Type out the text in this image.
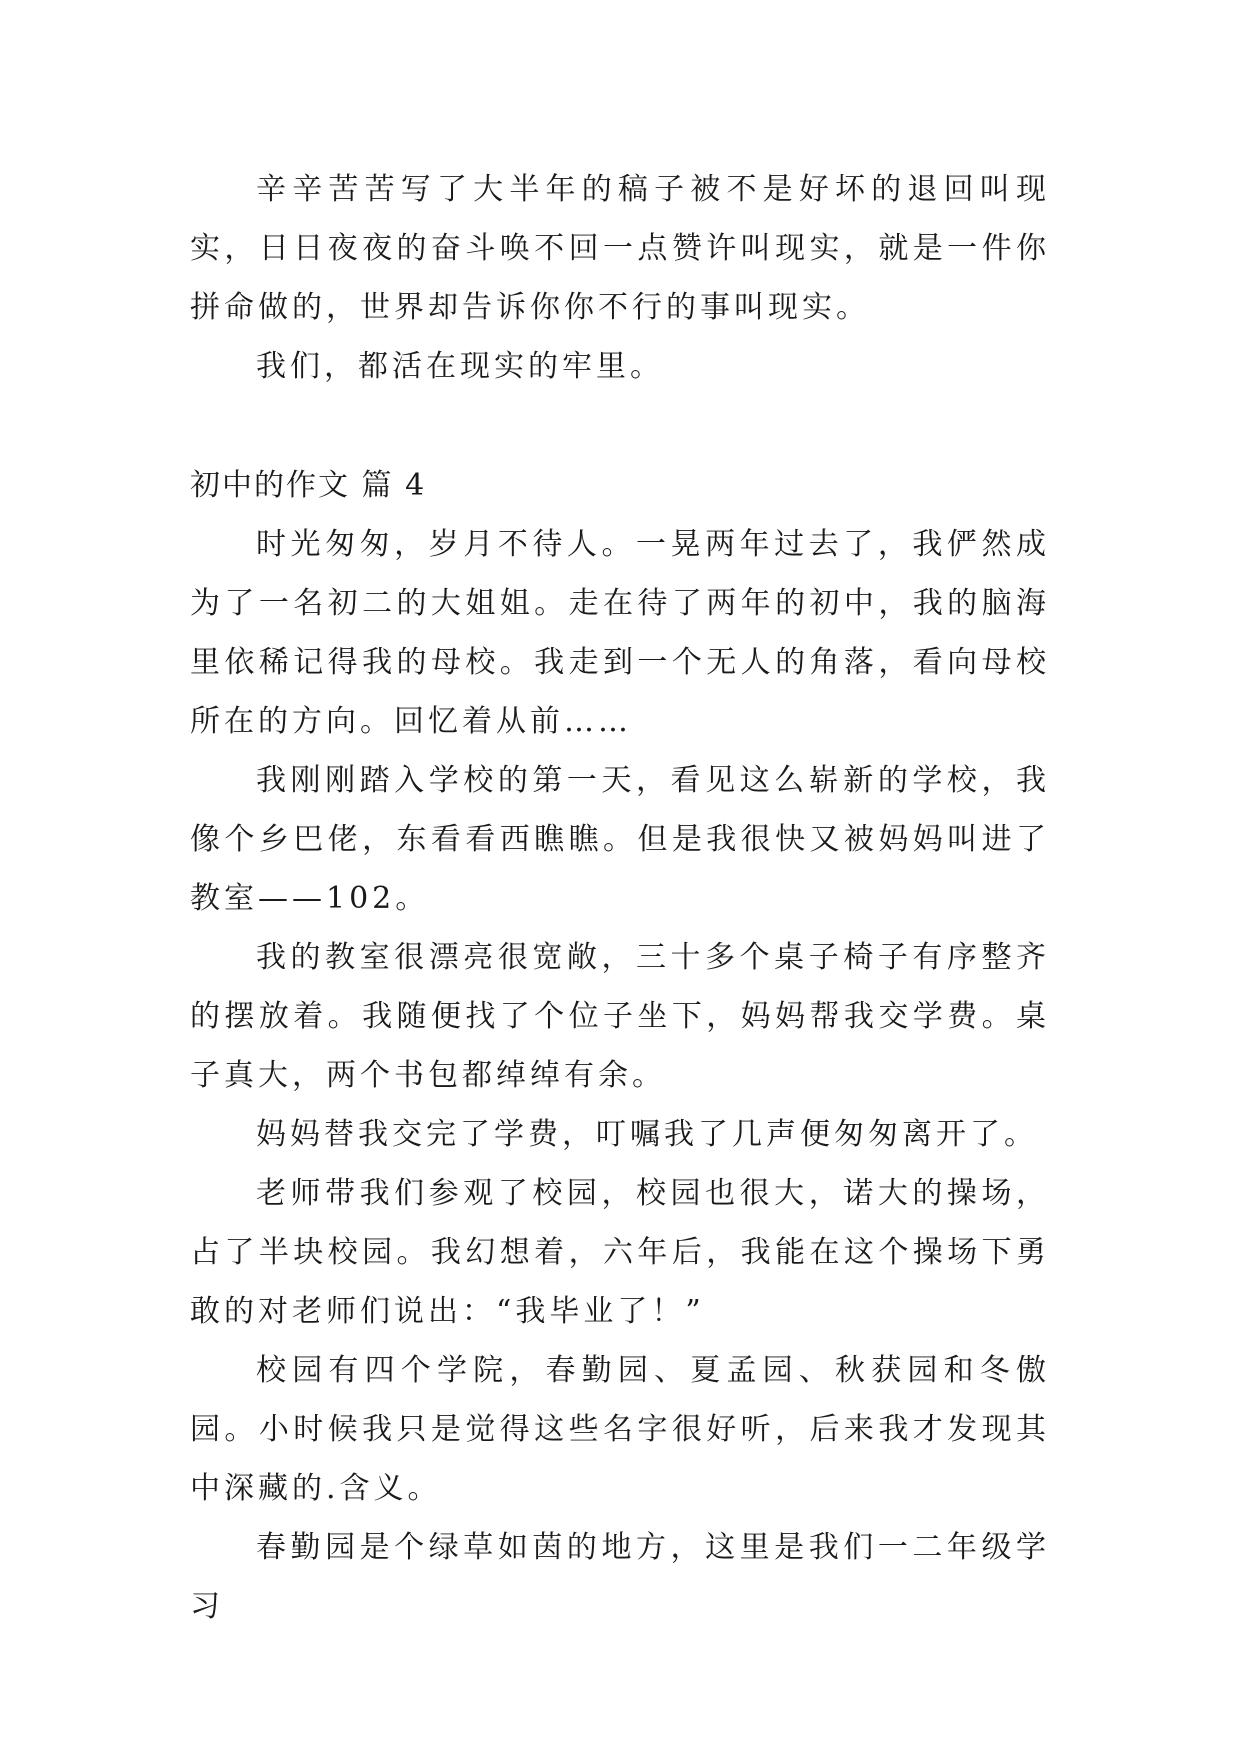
辛辛苦苦写了大半年的稿子被不是好坏的退回叫现实，日日夜夜的奋斗唤不回一点赞许叫现实，就是一件你拼命做的，世界却告诉你你不行的事叫现实。

我们，都活在现实的牢里。

初中的作文 篇 4

时光匆匆，岁月不待人。一晃两年过去了，我俨然成为了一名初二的大姐姐。走在待了两年的初中，我的脑海里依稀记得我的母校。我走到一个无人的角落，看向母校所在的方向。回忆着从前……

我刚刚踏入学校的第一天，看见这么崭新的学校，我像个乡巴佬，东看看西瞧瞧。但是我很快又被妈妈叫进了教室——102。

我的教室很漂亮很宽敞，三十多个桌子椅子有序整齐的摆放着。我随便找了个位子坐下，妈妈帮我交学费。桌子真大，两个书包都绰绰有余。

妈妈替我交完了学费，叮嘱我了几声便匆匆离开了。

老师带我们参观了校园，校园也很大，诺大的操场，占了半块校园。我幻想着，六年后，我能在这个操场下勇敢的对老师们说出：“我毕业了！”

校园有四个学院，春勤园、夏孟园、秋获园和冬傲园。小时候我只是觉得这些名字很好听，后来我才发现其中深藏的.含义。

春勤园是个绿草如茵的地方，这里是我们一二年级学习
